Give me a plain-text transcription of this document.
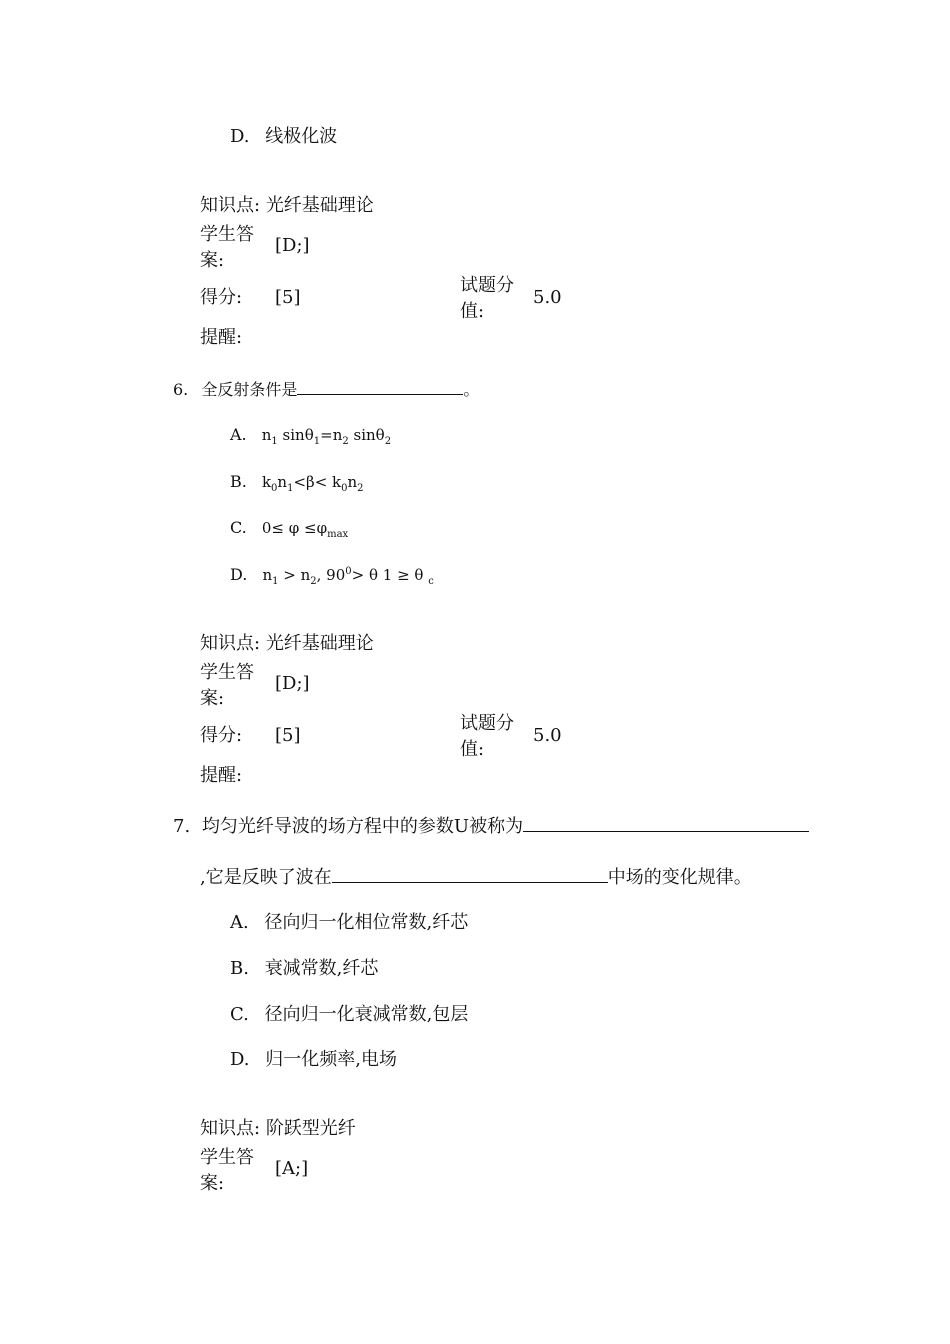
D. 线极化波
知识点: 光纤基础理论
学生答
案:
[D;]
得分: [5]
试题分
值:
5.0
提醒:
6. 全反射条件是	。
A. $n_1$ $\sin\theta_1=n_2$ sinθ$_2$
B. $k_0n_1<\beta< k_0n_2$
C. $0\le \varphi \le\varphi_{max}$
D. $n_1 > n_2$, $90^0> \theta$ 1 ≥ θ $_c$
知识点: 光纤基础理论
学生答
案:
[D;]
得分: [5]
试题分
值:
5.0
提醒:
7. 均匀光纤导波的场方程中的参数U被称为
,它是反映了波在	中场的变化规律。
A. 径向归一化相位常数,纤芯
B. 衰减常数,纤芯
C. 径向归一化衰减常数,包层
D. 归一化频率,电场
知识点: 阶跃型光纤
学生答
案:
[A;]
